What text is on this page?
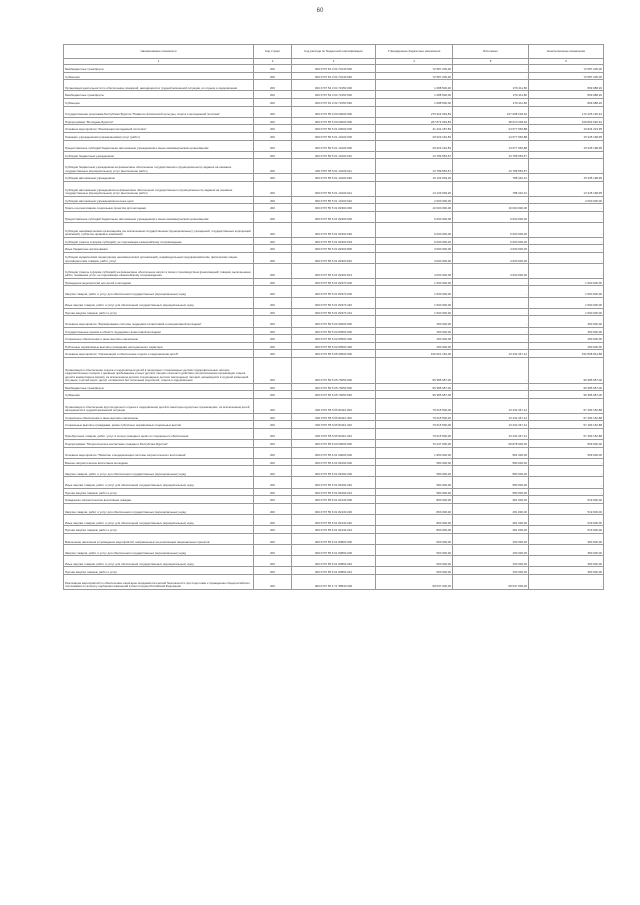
60
Наименование показателя	Код строки	Код расхода по бюджетной классификации	Утвержденные бюджетные назначения	Исполнено	Неисполненные назначения
1	2	3	4	5	6
Межбюджетные трансферты	200	000 0707 54 3 04 73140 500	72 587 200,00	-	72 587 200,00
Субвенции	200	000 0707 54 3 04 73140 530	72 587 200,00	-	72 587 200,00
Организация деятельности по обеспечению пожарной, находящихся в трудной жизненной ситуации, их отдыха и оздоровления	200	000 0707 54 3 04 73150 000	1 088 500,00	279 411,80	809 088,20
Межбюджетные трансферты	200	000 0707 54 3 04 73150 500	1 088 500,00	279 411,80	809 088,20
Субвенции	200	000 0707 54 3 04 73150 530	1 088 500,00	279 411,80	809 088,20
Государственная программа Республики Бурятия "Развитие физической культуры, спорта и молодежной политики"	200	000 0707 55 0 00 00000 000	279 323 349,83	107 098 218,92	172 225 130,91
Подпрограмма "Молодежь Бурятии"	200	000 0707 55 5 00 00000 000	207 873 349,83	38 010 318,92	169 863 030,91
Основное мероприятие "Реализация молодежной политики"	200	000 0707 55 5 01 00000 000	41 422 187,83	24 577 963,88	16 844 223,95
Оказание учреждениями (организациями) услуг (работ)	200	000 0707 55 5 01 10100 000	29 923 162,83	14 577 963,88	15 345 198,95
Предоставление субсидий бюджетным, автономным учреждениям и иным некоммерческим организациям	200	000 0707 55 5 01 10100 600	29 923 162,83	14 577 963,88	15 345 198,95
Субсидии бюджетным учреждениям	200	000 0707 55 5 01 10100 610	13 789 553,57	13 789 553,57	-
Субсидии бюджетным учреждениям на финансовое обеспечение государственного (муниципального) задания на оказание государственных (муниципальных) услуг (выполнение работ)	200	000 0707 55 5 01 10100 611	13 789 553,57	13 789 553,57	-
Субсидии автономным учреждениям	200	000 0707 55 5 01 10100 620	16 133 609,26	788 410,31	15 345 198,95
Субсидии автономным учреждениям на финансовое обеспечение государственного (муниципального) задания на оказание государственных (муниципальных) услуг (выполнение работ)	200	000 0707 55 5 01 10100 621	14 133 609,26	788 410,31	13 345 198,95
Субсидии автономным учреждениям на иные цели	200	000 0707 55 5 01 10100 622	2 000 000,00	-	2 000 000,00
Гранты на реализацию социальных проектов для молодежи	200	000 0707 55 5 01 82300 000	10 000 000,00	10 000 000,00	-
Предоставление субсидий бюджетным, автономным учреждениям и иным некоммерческим организациям	200	000 0707 55 5 01 82300 600	6 000 000,00	6 000 000,00	-
Субсидии некоммерческим организациям (за исключением государственных (муниципальных) учреждений, государственных корпораций (компаний), публично-правовых компаний)	200	000 0707 55 5 01 82300 630	6 000 000,00	6 000 000,00	-
Субсидии (гранты в форме субсидий), не подлежащие казначейскому сопровождению	200	000 0707 55 5 01 82300 633	6 000 000,00	6 000 000,00	-
Иные бюджетные ассигнования	200	000 0707 55 5 01 82300 800	4 000 000,00	4 000 000,00	-
Субсидии юридическим лицам (кроме некоммерческих организаций), индивидуальным предпринимателям, физическим лицам - производителям товаров, работ, услуг	200	000 0707 55 5 01 82300 810	4 000 000,00	4 000 000,00	-
Субсидии (гранты в форме субсидий) на финансовое обеспечение затрат в связи с производством (реализацией) товаров, выполнением работ, оказанием услуг, не подлежащие казначейскому сопровождению	200	000 0707 55 5 01 82300 813	4 000 000,00	4 000 000,00	-
Проведение мероприятий для детей и молодежи	200	000 0707 55 5 01 82370 000	1 500 000,00	-	1 500 000,00
Закупка товаров, работ и услуг для обеспечения государственных (муниципальных) нужд	200	000 0707 55 5 01 82370 200	1 500 000,00	-	1 500 000,00
Иные закупки товаров, работ и услуг для обеспечения государственных (муниципальных) нужд	200	000 0707 55 5 01 82370 240	1 500 000,00	-	1 500 000,00
Прочая закупка товаров, работ и услуг	200	000 0707 55 5 01 82370 244	1 500 000,00	-	1 500 000,00
Основное мероприятие "Формирование системы поддержки талантливой и инициативной молодежи"	200	000 0707 55 5 02 00000 000	450 000,00	-	450 000,00
Государственные премии в области поддержки талантливой молодежи	200	000 0707 55 5 02 83500 000	450 000,00	-	450 000,00
Социальное обеспечение и иные выплаты населению	200	000 0707 55 5 02 83500 300	450 000,00	-	450 000,00
Публичные нормативные выплаты гражданам несоциального характера	200	000 0707 55 5 02 83500 330	450 000,00	-	450 000,00
Основное мероприятие "Организация и обеспечение отдыха и оздоровления детей"	200	000 0707 55 5 05 00000 000	166 001 162,00	13 432 347,12	152 568 814,88
Организация и обеспечение отдыха и оздоровления детей в загородных стационарных детских оздоровительных лагерях, оздоровительных лагерях с дневным пребыванием и иных детских лагерях сезонного действия (за исключением организации отдыха детей в каникулярное время), за исключением детских стационарных детских (загородных) лагерей, находящихся в трудной жизненной ситуации, и детей-сирот, детей, оставшихся без попечения родителей, отдыха и оздоровления	200	000 0707 55 5 05 73050 000	95 385 687,00	-	95 385 687,00
Межбюджетные трансферты	200	000 0707 55 5 05 73050 500	95 385 687,00	-	95 385 687,00
Субвенции	200	000 0707 55 5 05 73050 530	95 385 687,00	-	95 385 687,00
Организация и обеспечение круглогодичного отдыха и оздоровления детей в санаторно-курортных организациях, за исключением детей, находящихся в трудной жизненной ситуации	200	000 0707 55 5 05 82110 000	70 615 500,00	13 432 347,12	57 183 152,88
Социальное обеспечение и иные выплаты населению	200	000 0707 55 5 05 82110 300	70 615 500,00	13 432 347,12	57 183 152,88
Социальные выплаты гражданам, кроме публичных нормативных социальных выплат	200	000 0707 55 5 05 82110 320	70 615 500,00	13 432 347,12	57 183 152,88
Приобретение товаров, работ, услуг в пользу граждан в целях их социального обеспечения	200	000 0707 55 5 05 82110 323	70 615 500,00	13 432 347,12	57 183 152,88
Подпрограмма "Патриотическое воспитание граждан в Республике Бурятия"	200	000 0707 55 6 00 00000 000	70 447 000,00	69 878 000,00	569 000,00
Основное мероприятие "Развитие и модернизация системы патриотического воспитания"	200	000 0707 55 6 01 00000 000	1 950 000,00	581 000,00	569 000,00
Военно-патриотическое воспитание молодежи	200	000 0707 55 6 01 81090 000	580 000,00	580 000,00	-
Закупка товаров, работ и услуг для обеспечения государственных (муниципальных) нужд	200	000 0707 55 6 01 81090 200	580 000,00	580 000,00	-
Иные закупки товаров, работ и услуг для обеспечения государственных (муниципальных) нужд	200	000 0707 55 6 01 81090 240	580 000,00	580 000,00	-
Прочая закупка товаров, работ и услуг	200	000 0707 55 6 01 81090 244	580 000,00	580 000,00	-
Гражданско-патриотическое воспитание граждан	200	000 0707 55 6 01 82130 000	800 000,00	281 000,00	519 000,00
Закупка товаров, работ и услуг для обеспечения государственных (муниципальных) нужд	200	000 0707 55 6 01 82130 200	800 000,00	281 000,00	519 000,00
Иные закупки товаров, работ и услуг для обеспечения государственных (муниципальных) нужд	200	000 0707 55 6 01 82130 240	800 000,00	281 000,00	519 000,00
Прочая закупка товаров, работ и услуг	200	000 0707 55 6 01 82130 244	800 000,00	281 000,00	519 000,00
Вовлечение населения в проведение мероприятий, направленных на реализацию национальных проектов	200	000 0707 55 6 01 83800 000	500 000,00	150 000,00	350 000,00
Закупка товаров, работ и услуг для обеспечения государственных (муниципальных) нужд	200	000 0707 55 6 01 83800 200	500 000,00	150 000,00	350 000,00
Иные закупки товаров, работ и услуг для обеспечения государственных (муниципальных) нужд	200	000 0707 55 6 01 83800 240	500 000,00	150 000,00	350 000,00
Прочая закупка товаров, работ и услуг	200	000 0707 55 6 01 83800 244	500 000,00	150 000,00	350 000,00
Реализация мероприятий по обеспечению санитарно-эпидемиологической безопасности при подготовке к проведению общероссийского голосования по вопросу одобрения изменений в Конституцию Российской Федерации	200	000 0707 55 6 Y1 58530 000	68 647 000,00	68 647 000,00	-
